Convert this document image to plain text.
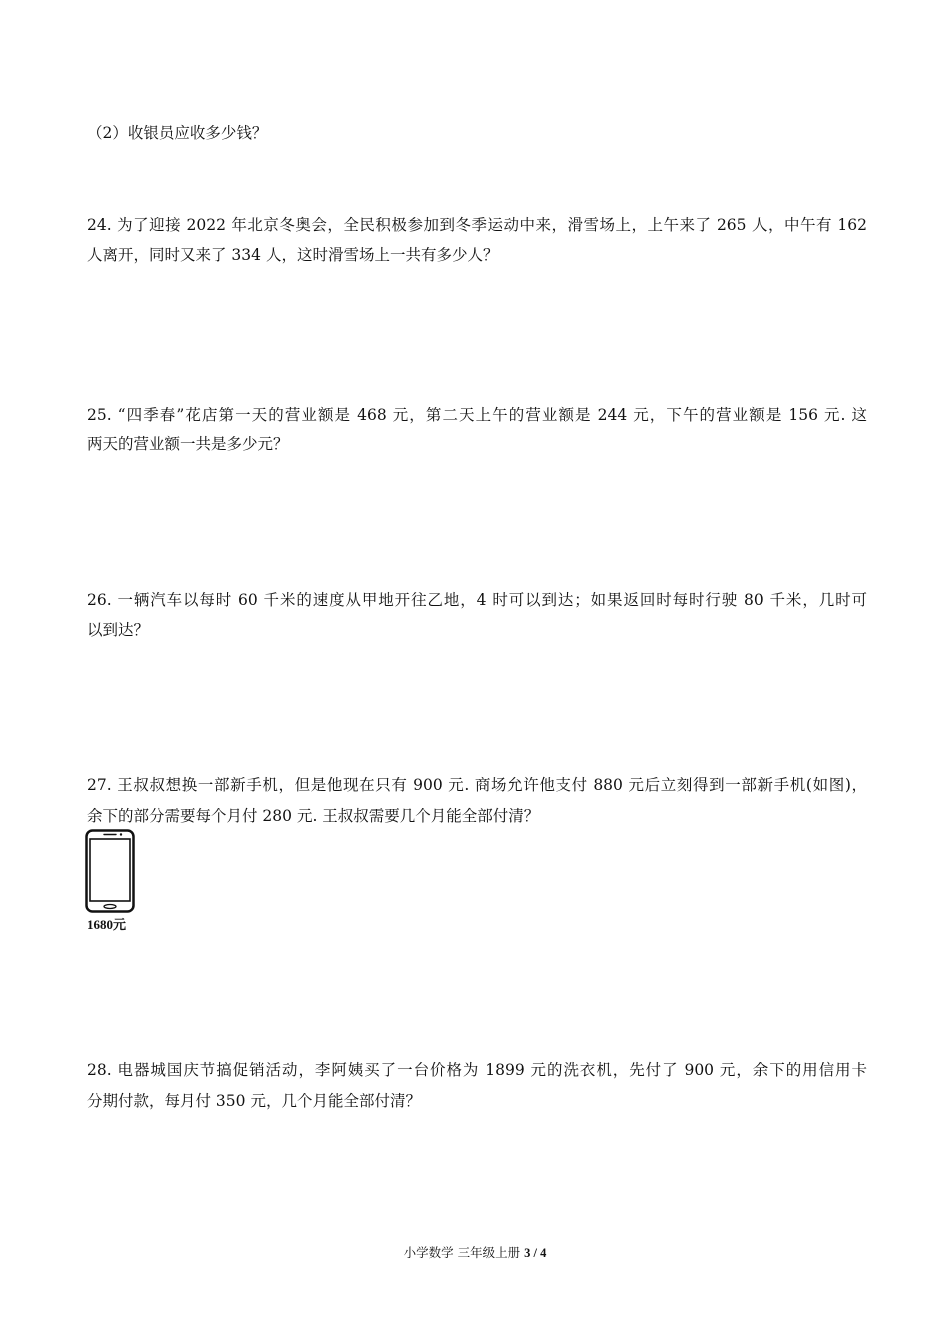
（2）收银员应收多少钱？
24. 为了迎接 2022 年北京冬奥会，全民积极参加到冬季运动中来，滑雪场上，上午来了 265 人，中午有 162
人离开，同时又来了 334 人，这时滑雪场上一共有多少人？
25. “四季春”花店第一天的营业额是 468 元，第二天上午的营业额是 244 元，下午的营业额是 156 元. 这
两天的营业额一共是多少元？
26. 一辆汽车以每时 60 千米的速度从甲地开往乙地，4 时可以到达；如果返回时每时行驶 80 千米，几时可
以到达？
27. 王叔叔想换一部新手机，但是他现在只有 900 元. 商场允许他支付 880 元后立刻得到一部新手机(如图)，
余下的部分需要每个月付 280 元. 王叔叔需要几个月能全部付清？
1680元
28. 电器城国庆节搞促销活动，李阿姨买了一台价格为 1899 元的洗衣机，先付了 900 元，余下的用信用卡
分期付款，每月付 350 元，几个月能全部付清？
小学数学 三年级上册 3 / 4
